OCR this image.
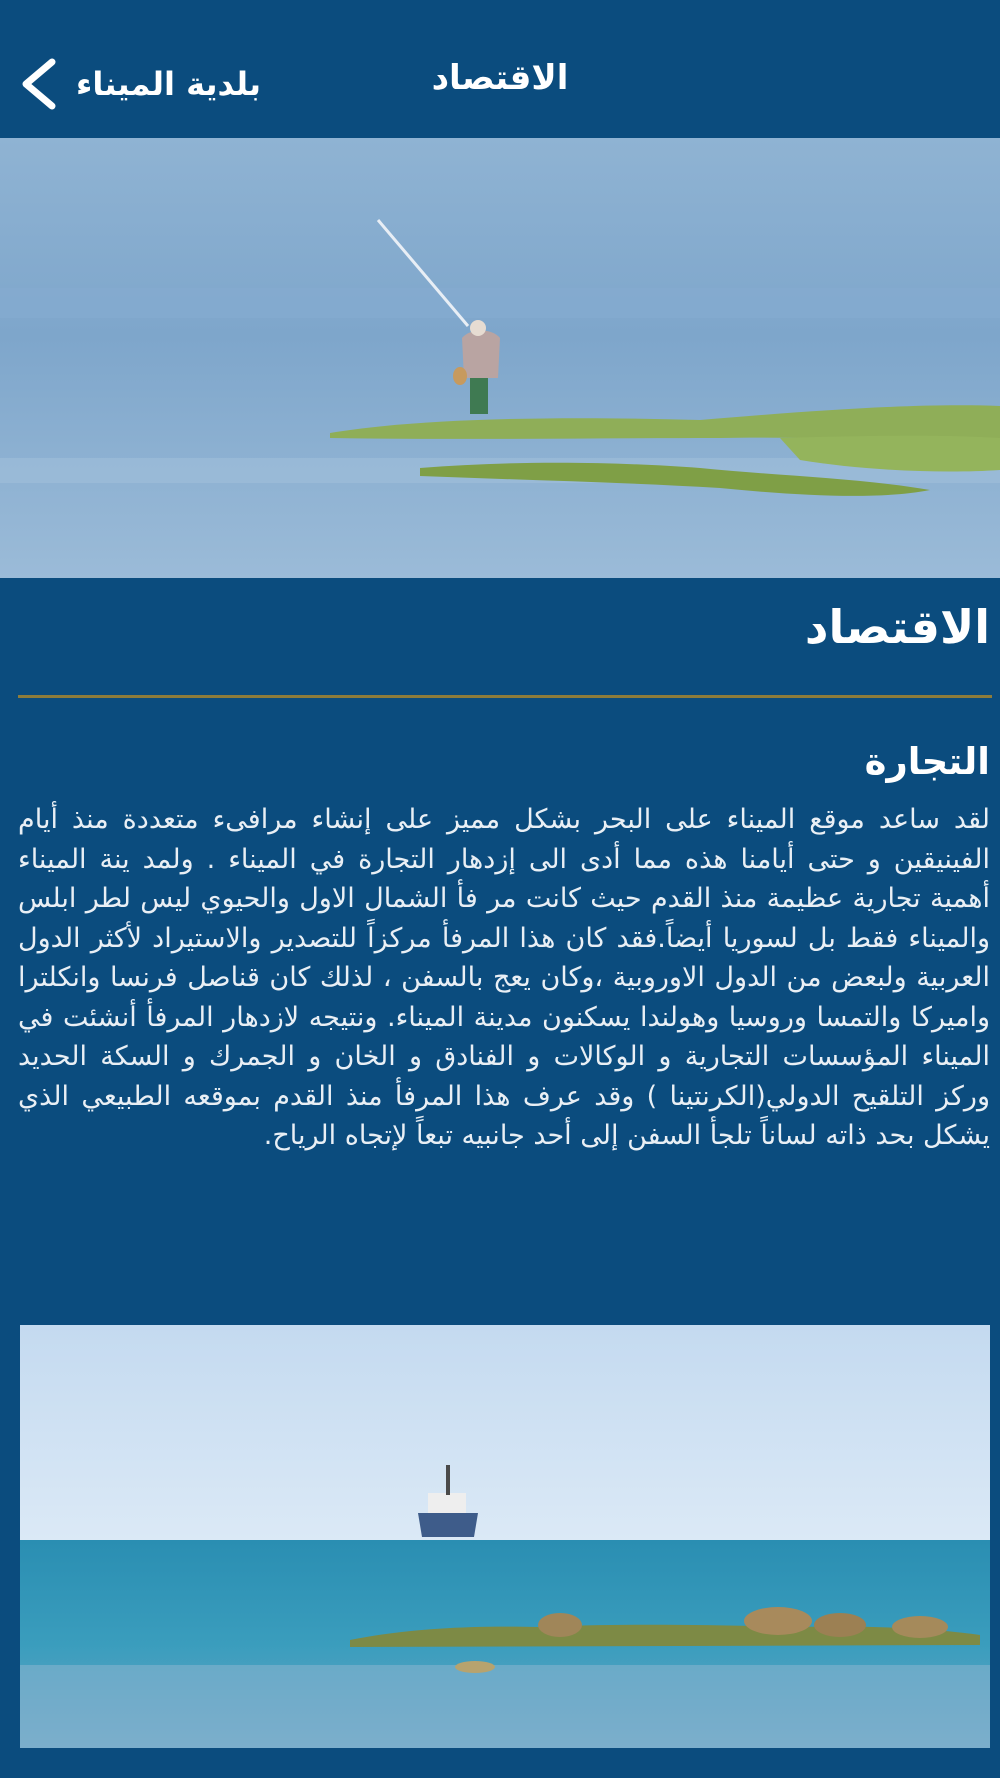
بلدية الميناء	الاقتصاد
الاقتصاد
التجارة
لقد ساعد موقع الميناء على البحر بشكل مميز على إنشاء مرافىء متعددة منذ أيام الفينيقين و حتى أيامنا هذه مما أدى الى إزدهار التجارة في الميناء . ولمد ينة الميناء أهمية تجارية عظيمة منذ القدم حيث كانت مر فأ الشمال الاول والحيوي ليس لطر ابلس والميناء فقط بل لسوريا أيضاً.فقد كان هذا المرفأ مركزاً للتصدير والاستيراد لأكثر الدول العربية ولبعض من الدول الاوروبية ،وكان يعج بالسفن ، لذلك كان قناصل فرنسا وانكلترا واميركا والتمسا وروسيا وهولندا يسكنون مدينة الميناء. ونتيجه لازدهار المرفأ أنشئت في الميناء المؤسسات التجارية و الوكالات و الفنادق و الخان و الجمرك و السكة الحديد وركز التلقيح الدولي(الكرنتينا ) وقد عرف هذا المرفأ منذ القدم بموقعه الطبيعي الذي يشكل بحد ذاته لساناً تلجأ السفن إلى أحد جانبيه تبعاً لإتجاه الرياح.
